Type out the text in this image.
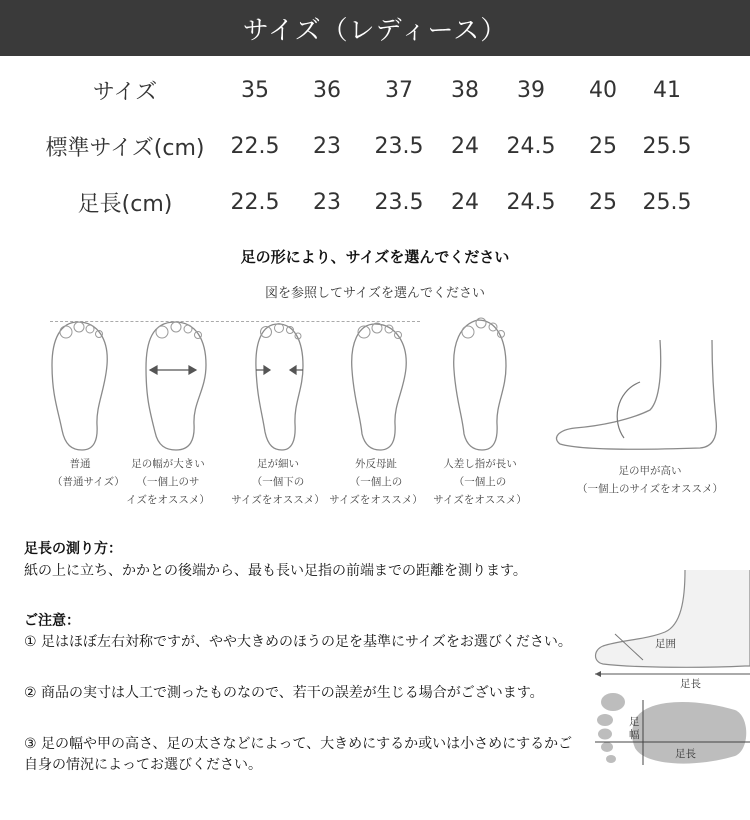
サイズ（レディース）
サイズ	35	36	37	38	39	40	41
標準サイズ(cm)	22.5	23	23.5	24	24.5	25	25.5
足長(cm)	22.5	23	23.5	24	24.5	25	25.5
足の形により、サイズを選んでください
図を参照してサイズを選んでください
普通
（普通サイズ）
足の幅が大きい
（一個上のサ
イズをオススメ）
足が細い
（一個下の
サイズをオススメ）
外反母趾
（一個上の
サイズをオススメ）
人差し指が長い
（一個上の
サイズをオススメ）
足の甲が高い
（一個上のサイズをオススメ）
足長の測り方：
紙の上に立ち、かかとの後端から、最も長い足指の前端までの距離を測ります。
ご注意：
① 足はほぼ左右対称ですが、やや大きめのほうの足を基準にサイズをお選びください。
② 商品の実寸は人工で測ったものなので、若干の誤差が生じる場合がございます。
③ 足の幅や甲の高さ、足の太さなどによって、大きめにするか或いは小さめにするかご自身の情況によってお選びください。
足囲
足長
足幅
足長
